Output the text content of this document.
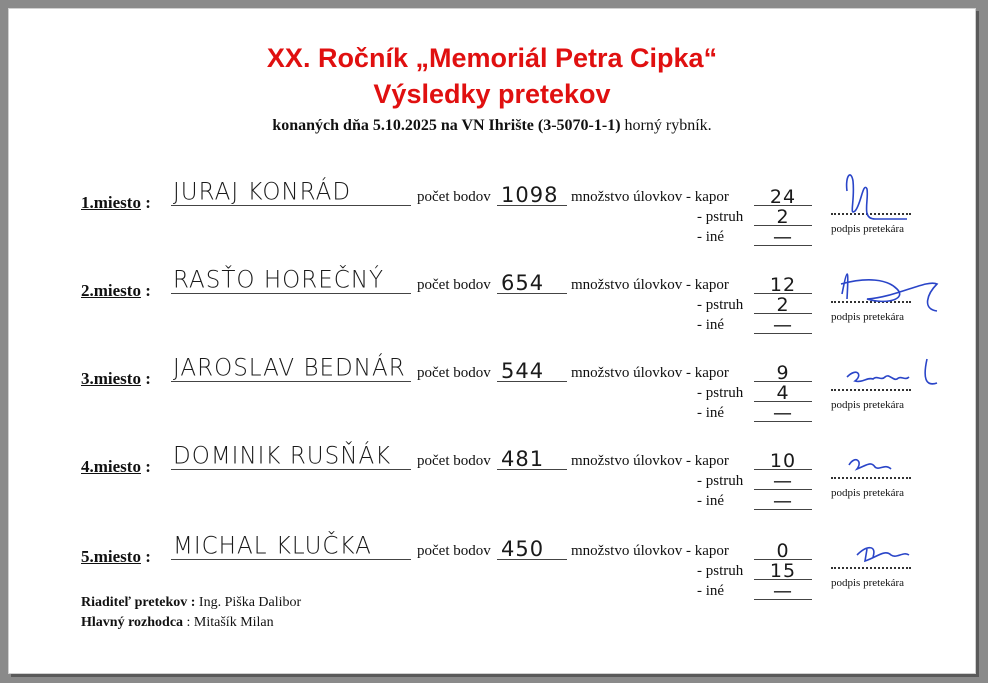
XX. Ročník „Memoriál Petra Cipka“
Výsledky pretekov
konaných dňa 5.10.2025 na VN Ihrište (3-5070-1-1) horný rybník.
1.miesto : JURAJ KONRÁD	počet bodov 1098 množstvo úlovkov - kapor	24
- pstruh	2
- iné	—	podpis pretekára
2.miesto : RASŤO HOREČNÝ počet bodov 654 množstvo úlovkov - kapor	12
- pstruh	2
- iné	—	podpis pretekára
3.miesto : JAROSLAV BEDNÁR počet bodov 544 množstvo úlovkov - kapor	9
- pstruh	4
- iné	—	podpis pretekára
4.miesto : DOMINIK RUSŇÁK počet bodov 481 množstvo úlovkov - kapor	10
- pstruh	—
- iné	—	podpis pretekára
5.miesto : MICHAL KLUČKA	počet bodov 450 množstvo úlovkov - kapor	0
- pstruh	15
- iné	—	podpis pretekára
Riaditeľ pretekov : Ing. Piška Dalibor
Hlavný rozhodca : Mitašík Milan
